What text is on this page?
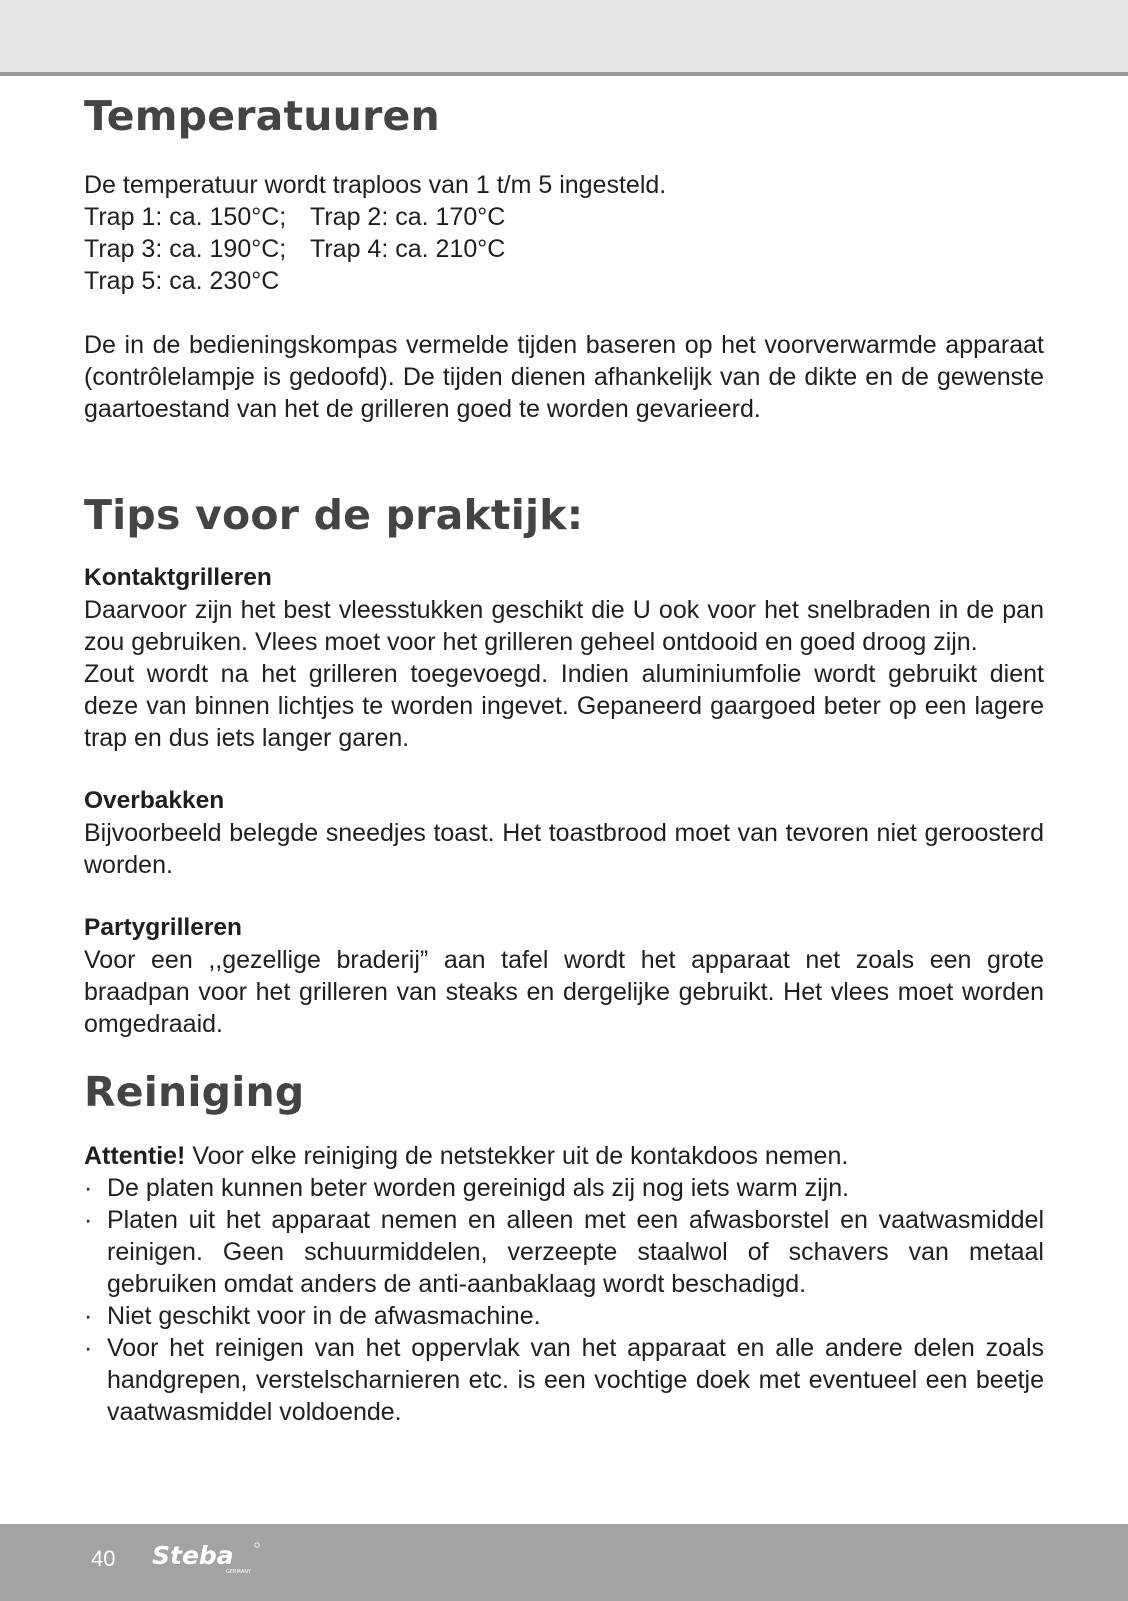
Temperatuuren

De temperatuur wordt traploos van 1 t/m 5 ingesteld.

Trap 1: ca. 150°C; Trap 2: ca. 170°C

Trap 3: ca. 190°C; Trap 4: ca. 210°C

Trap 5: ca. 230°C

De in de bedieningskompas vermelde tijden baseren op het voorverwarmde apparaat (contrôlelampje is gedoofd). De tijden dienen afhankelijk van de dikte en de gewenste gaartoestand van het de grilleren goed te worden gevarieerd.

Tips voor de praktijk:

Kontaktgrilleren

Daarvoor zijn het best vleesstukken geschikt die U ook voor het snelbraden in de pan zou gebruiken. Vlees moet voor het grilleren geheel ontdooid en goed droog zijn.

Zout wordt na het grilleren toegevoegd. Indien aluminiumfolie wordt gebruikt dient deze van binnen lichtjes te worden ingevet. Gepaneerd gaargoed beter op een lagere trap en dus iets langer garen.

Overbakken

Bijvoorbeeld belegde sneedjes toast. Het toastbrood moet van tevoren niet geroosterd worden.

Partygrilleren

Voor een ,,gezellige braderij” aan tafel wordt het apparaat net zoals een grote braadpan voor het grilleren van steaks en dergelijke gebruikt. Het vlees moet worden omgedraaid.

Reiniging

Attentie! Voor elke reiniging de netstekker uit de kontakdoos nemen.

· De platen kunnen beter worden gereinigd als zij nog iets warm zijn.
· Platen uit het apparaat nemen en alleen met een afwasborstel en vaatwasmiddel reinigen. Geen schuurmiddelen, verzeepte staalwol of schavers van metaal gebruiken omdat anders de anti-aanbaklaag wordt beschadigd.
· Niet geschikt voor in de afwasmachine.
· Voor het reinigen van het oppervlak van het apparaat en alle andere delen zoals handgrepen, verstelscharnieren etc. is een vochtige doek met eventueel een beetje vaatwasmiddel voldoende.
40 Steba
GERMANY
